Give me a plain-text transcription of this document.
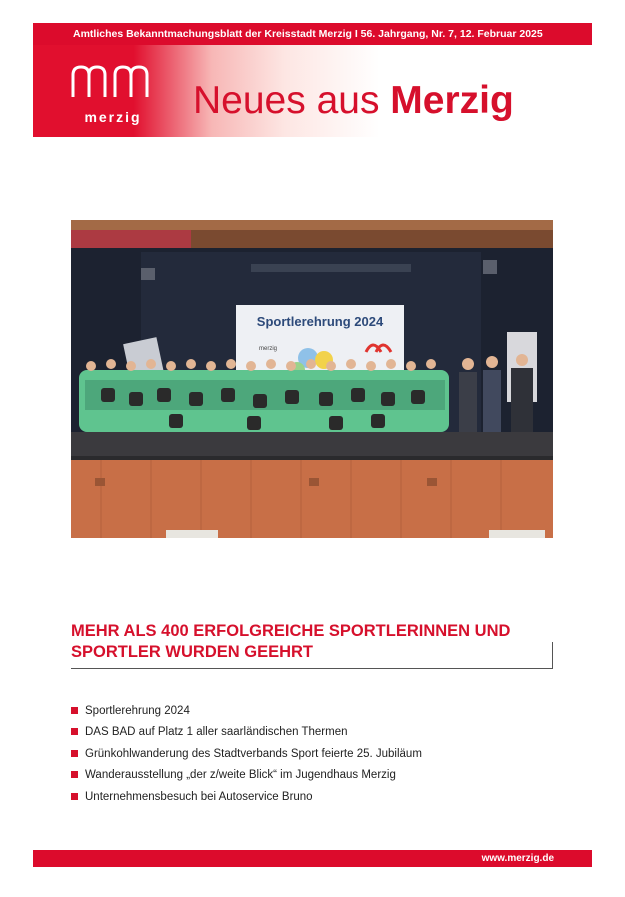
Amtliches Bekanntmachungsblatt der Kreisstadt Merzig I 56. Jahrgang, Nr. 7, 12. Februar 2025
merzig Neues aus Merzig
Sportlerehrung 2024
merzig
MEHR ALS 400 ERFOLGREICHE SPORTLERINNEN UND SPORTLER WURDEN GEEHRT
Sportlerehrung 2024
DAS BAD auf Platz 1 aller saarländischen Thermen
Grünkohlwanderung des Stadtverbands Sport feierte 25. Jubiläum
Wanderausstellung „der z/weite Blick“ im Jugendhaus Merzig
Unternehmensbesuch bei Autoservice Bruno
www.merzig.de
